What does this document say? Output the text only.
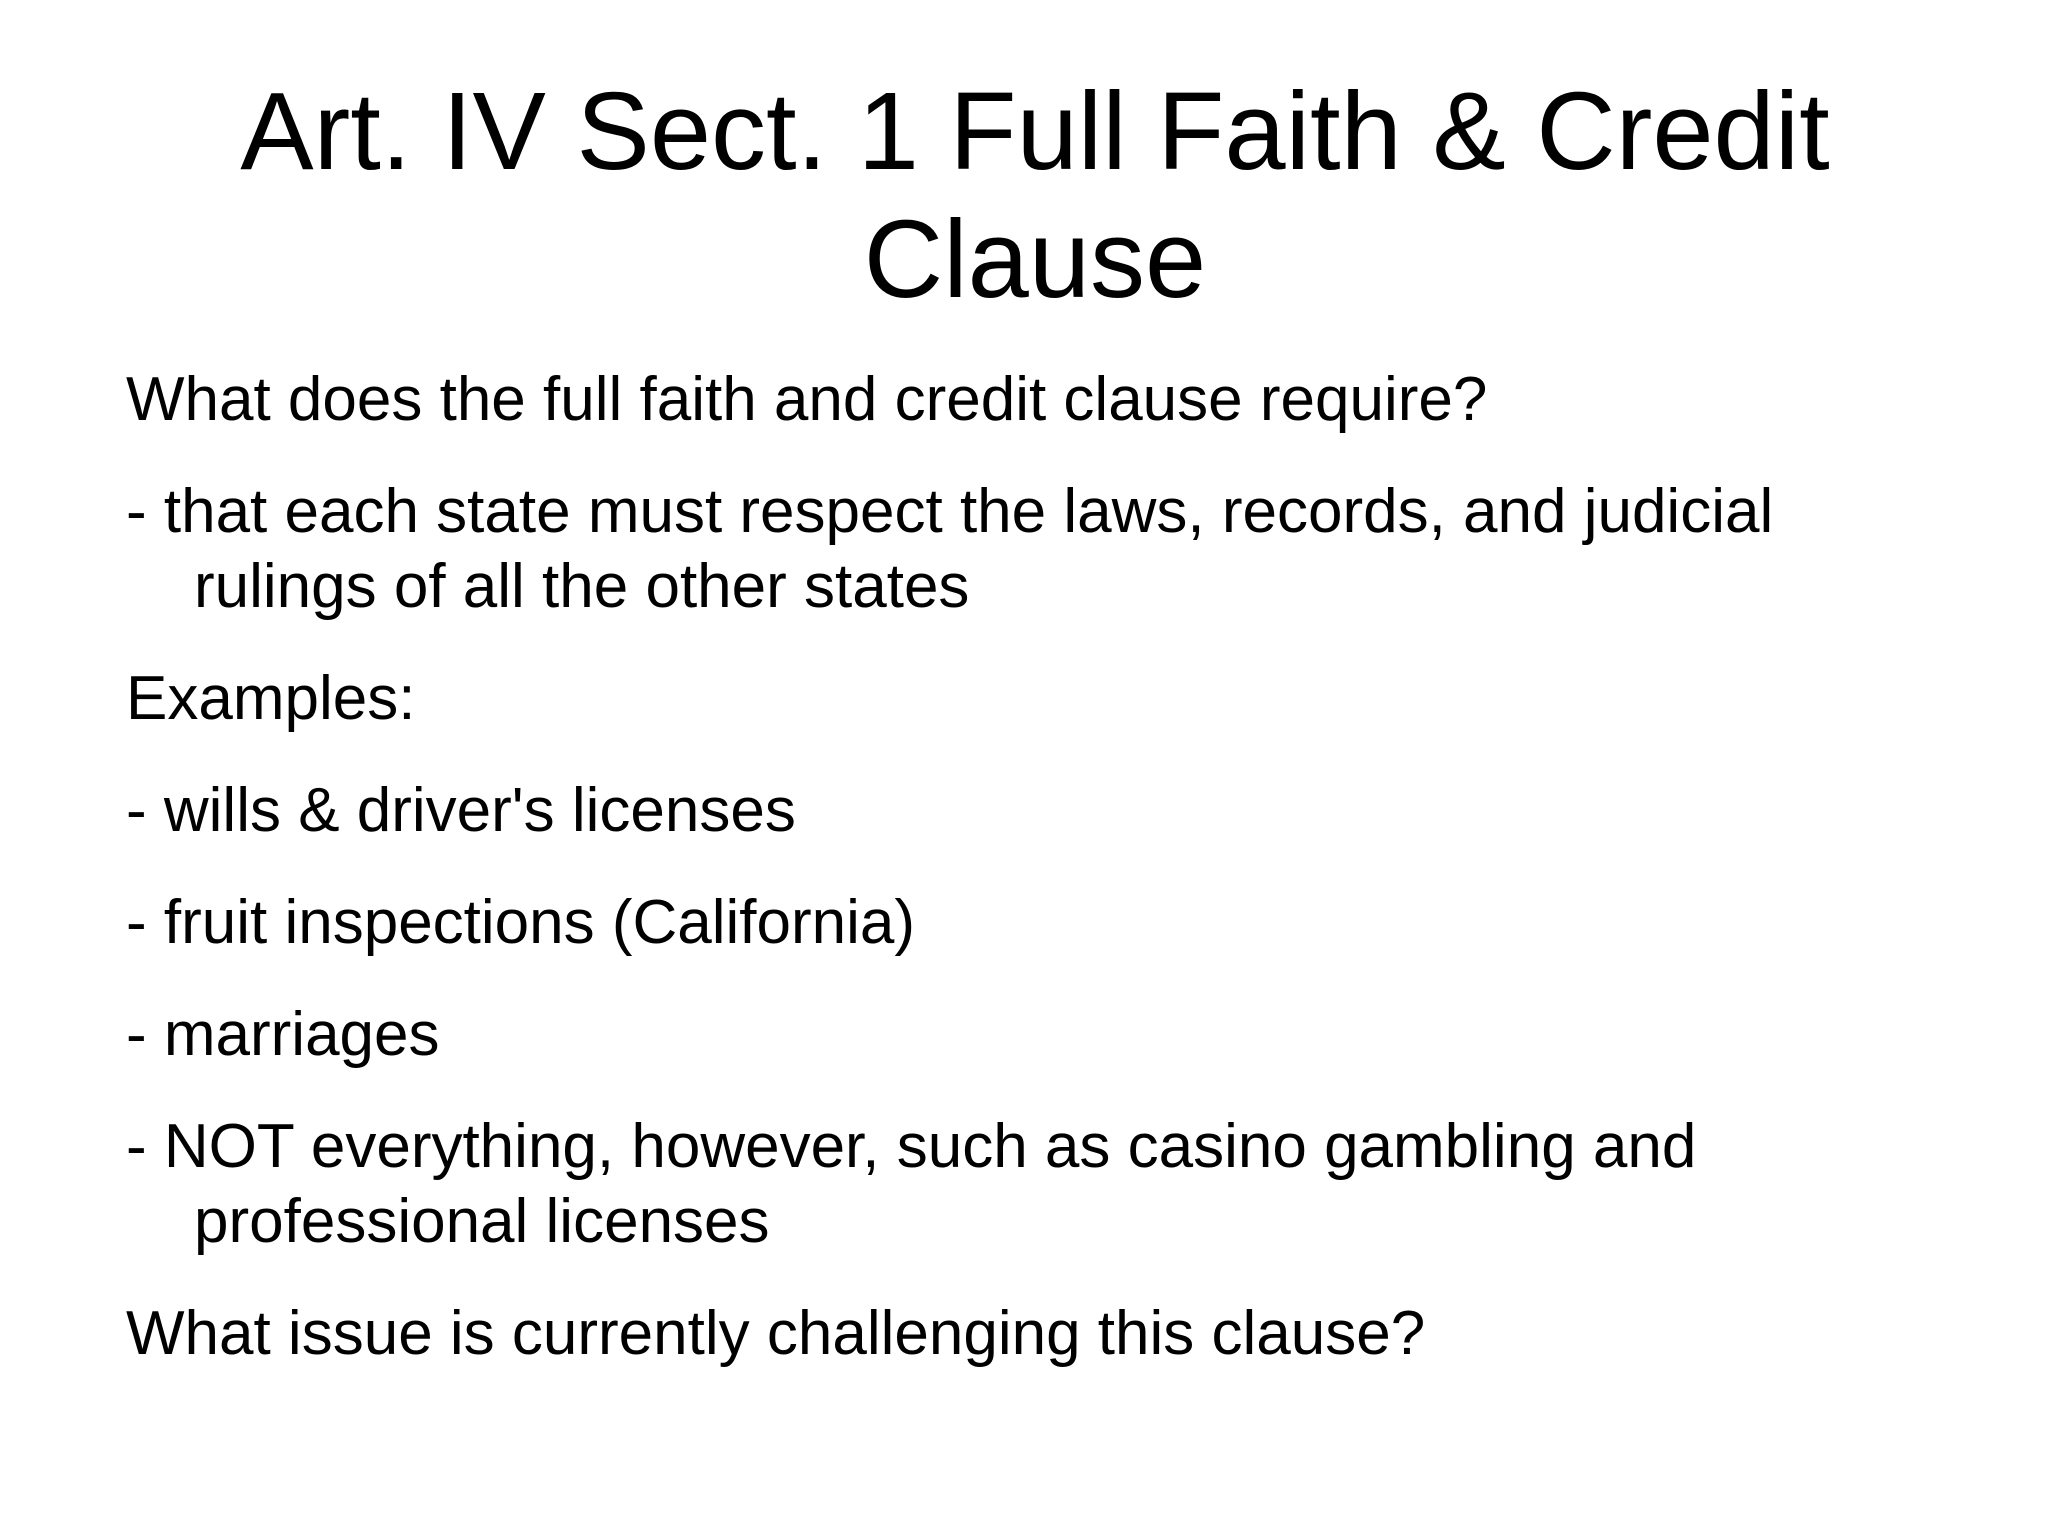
Art. IV Sect. 1 Full Faith & Credit
Clause

What does the full faith and credit clause require?

- that each state must respect the laws, records, and judicial rulings of all the other states

Examples:

- wills & driver's licenses

- fruit inspections (California)

- marriages

- NOT everything, however, such as casino gambling and professional licenses

What issue is currently challenging this clause?
